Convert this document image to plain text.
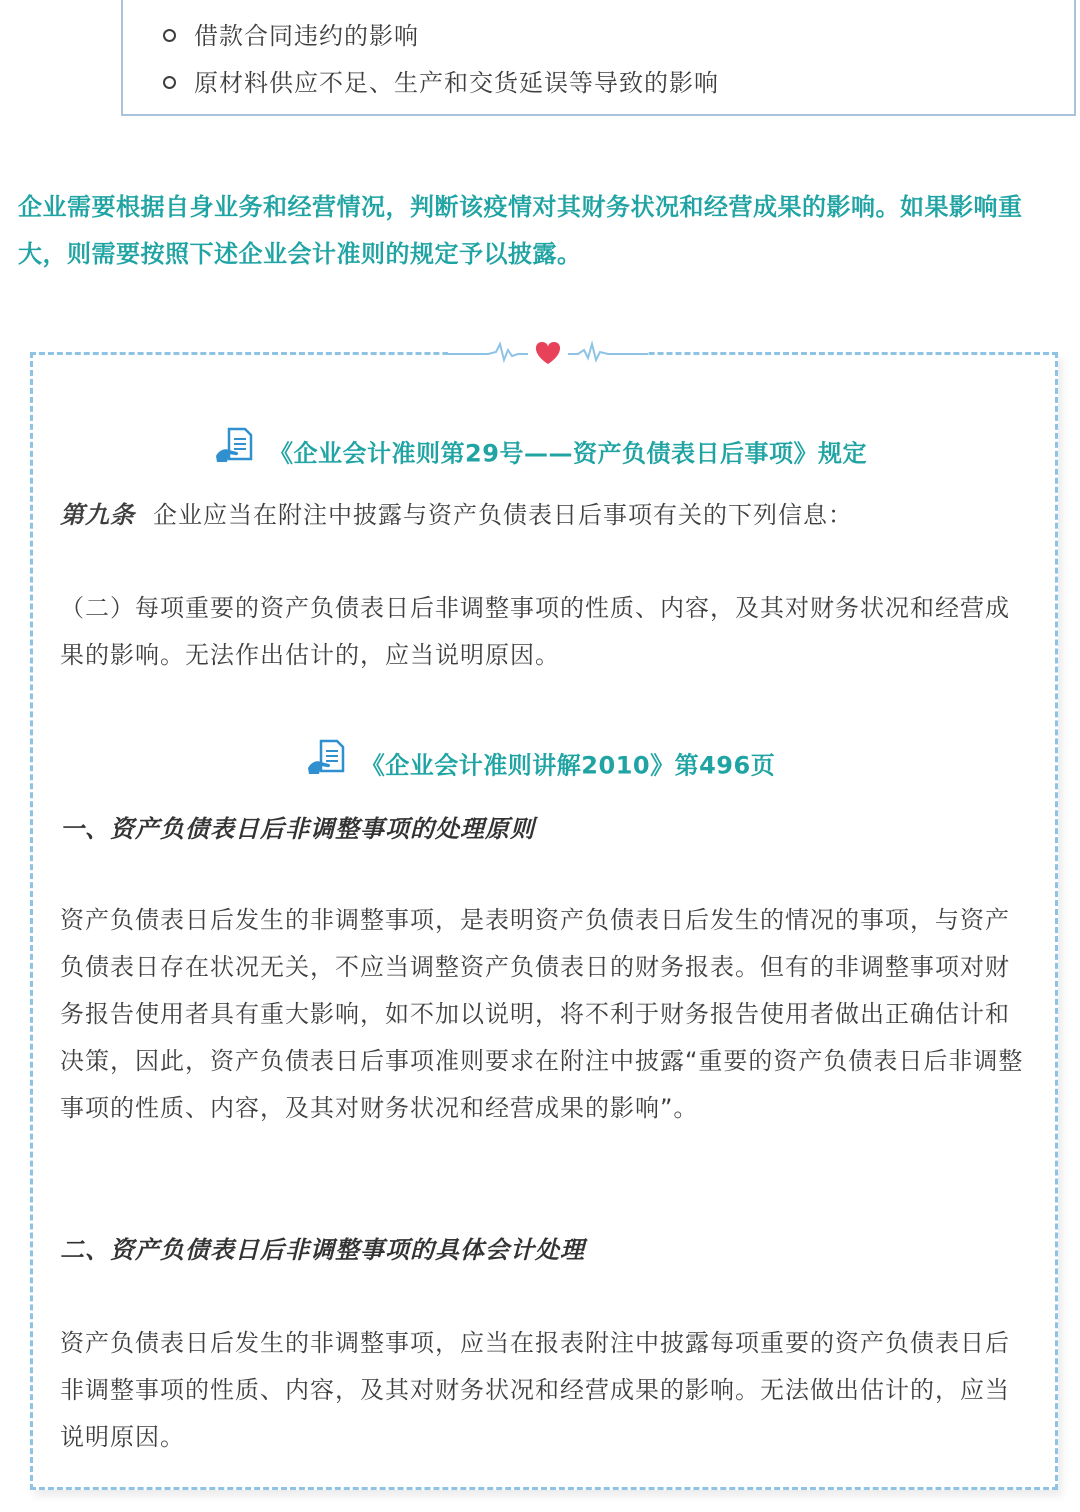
借款合同违约的影响
原材料供应不足、生产和交货延误等导致的影响

企业需要根据自身业务和经营情况，判断该疫情对其财务状况和经营成果的影响。如果影响重大，则需要按照下述企业会计准则的规定予以披露。

《企业会计准则第29号——资产负债表日后事项》规定

第九条 企业应当在附注中披露与资产负债表日后事项有关的下列信息：

（二）每项重要的资产负债表日后非调整事项的性质、内容，及其对财务状况和经营成果的影响。无法作出估计的，应当说明原因。

《企业会计准则讲解2010》第496页
一、资产负债表日后非调整事项的处理原则

资产负债表日后发生的非调整事项，是表明资产负债表日后发生的情况的事项，与资产负债表日存在状况无关，不应当调整资产负债表日的财务报表。但有的非调整事项对财务报告使用者具有重大影响，如不加以说明，将不利于财务报告使用者做出正确估计和决策，因此，资产负债表日后事项准则要求在附注中披露“重要的资产负债表日后非调整事项的性质、内容，及其对财务状况和经营成果的影响”。

二、资产负债表日后非调整事项的具体会计处理

资产负债表日后发生的非调整事项，应当在报表附注中披露每项重要的资产负债表日后非调整事项的性质、内容，及其对财务状况和经营成果的影响。无法做出估计的，应当说明原因。
